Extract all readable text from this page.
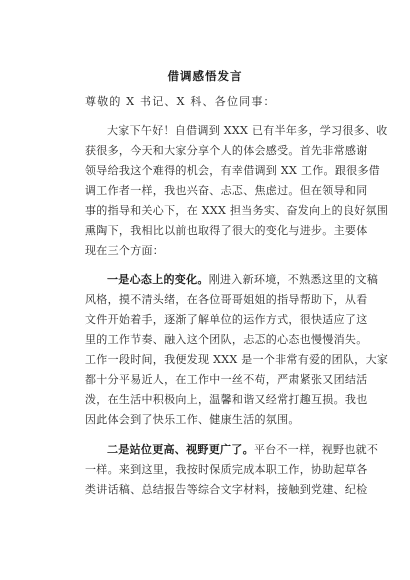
借调感悟发言
尊敬的 X 书记、X 科、各位同事：
大家下午好！自借调到 XXX 已有半年多，学习很多、收
获很多，今天和大家分享个人的体会感受。首先非常感谢
领导给我这个难得的机会，有幸借调到 XX 工作。跟很多借
调工作者一样，我也兴奋、忐忑、焦虑过。但在领导和同
事的指导和关心下，在 XXX 担当务实、奋发向上的良好氛围
熏陶下，我相比以前也取得了很大的变化与进步。主要体
现在三个方面：
一是心态上的变化。刚进入新环境，不熟悉这里的文稿
风格，摸不清头绪，在各位哥哥姐姐的指导帮助下，从看
文件开始着手，逐渐了解单位的运作方式，很快适应了这
里的工作节奏、融入这个团队，忐忑的心态也慢慢消失。
工作一段时间，我便发现 XXX 是一个非常有爱的团队，大家
都十分平易近人，在工作中一丝不苟，严肃紧张又团结活
泼，在生活中积极向上，温馨和谐又经常打趣互损。我也
因此体会到了快乐工作、健康生活的氛围。
二是站位更高、视野更广了。平台不一样，视野也就不
一样。来到这里，我按时保质完成本职工作，协助起草各
类讲话稿、总结报告等综合文字材料，接触到党建、纪检
